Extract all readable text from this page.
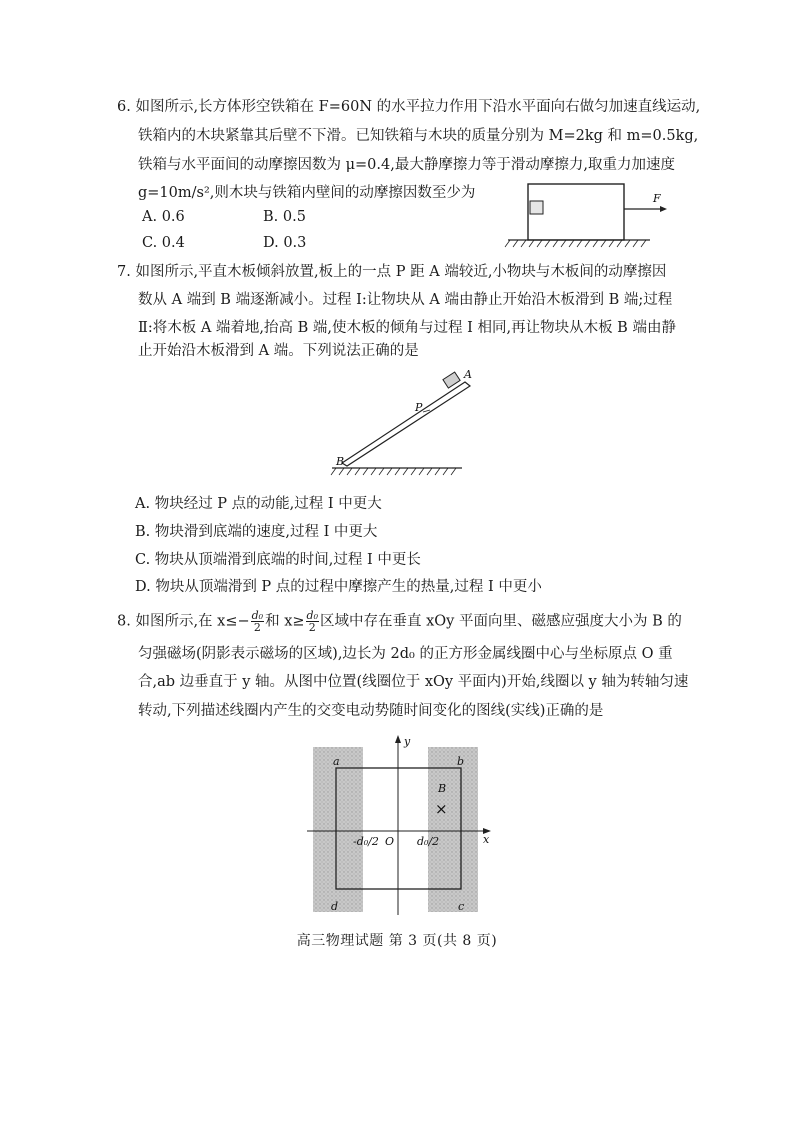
6. 如图所示,长方体形空铁箱在 F=60N 的水平拉力作用下沿水平面向右做匀加速直线运动,
铁箱内的木块紧靠其后壁不下滑。已知铁箱与木块的质量分别为 M=2kg 和 m=0.5kg,
铁箱与水平面间的动摩擦因数为 μ=0.4,最大静摩擦力等于滑动摩擦力,取重力加速度
g=10m/s²,则木块与铁箱内壁间的动摩擦因数至少为
A. 0.6	B. 0.5
C. 0.4	D. 0.3
F
7. 如图所示,平直木板倾斜放置,板上的一点 P 距 A 端较近,小物块与木板间的动摩擦因
数从 A 端到 B 端逐渐减小。过程 Ⅰ:让物块从 A 端由静止开始沿木板滑到 B 端;过程
Ⅱ:将木板 A 端着地,抬高 B 端,使木板的倾角与过程 Ⅰ 相同,再让物块从木板 B 端由静
止开始沿木板滑到 A 端。下列说法正确的是
A
P
B
A. 物块经过 P 点的动能,过程 Ⅰ 中更大
B. 物块滑到底端的速度,过程 Ⅰ 中更大
C. 物块从顶端滑到底端的时间,过程 Ⅰ 中更长
D. 物块从顶端滑到 P 点的过程中摩擦产生的热量,过程 Ⅰ 中更小
8. 如图所示,在 $x\le- \frac{\text{d₀}}{2}$ 和 $x\ge \frac{\text{d₀}}{2}$ 区域中存在垂直 xOy 平面向里、磁感应强度大小为 B 的
匀强磁场(阴影表示磁场的区域),边长为 2d₀ 的正方形金属线圈中心与坐标原点 O 重
合,ab 边垂直于 y 轴。从图中位置(线圈位于 xOy 平面内)开始,线圈以 y 轴为转轴匀速
转动,下列描述线圈内产生的交变电动势随时间变化的图线(实线)正确的是
y
x
a	b
c
d
B
×
-d₀/2 O d₀/2
高三物理试题 第 3 页(共 8 页)
